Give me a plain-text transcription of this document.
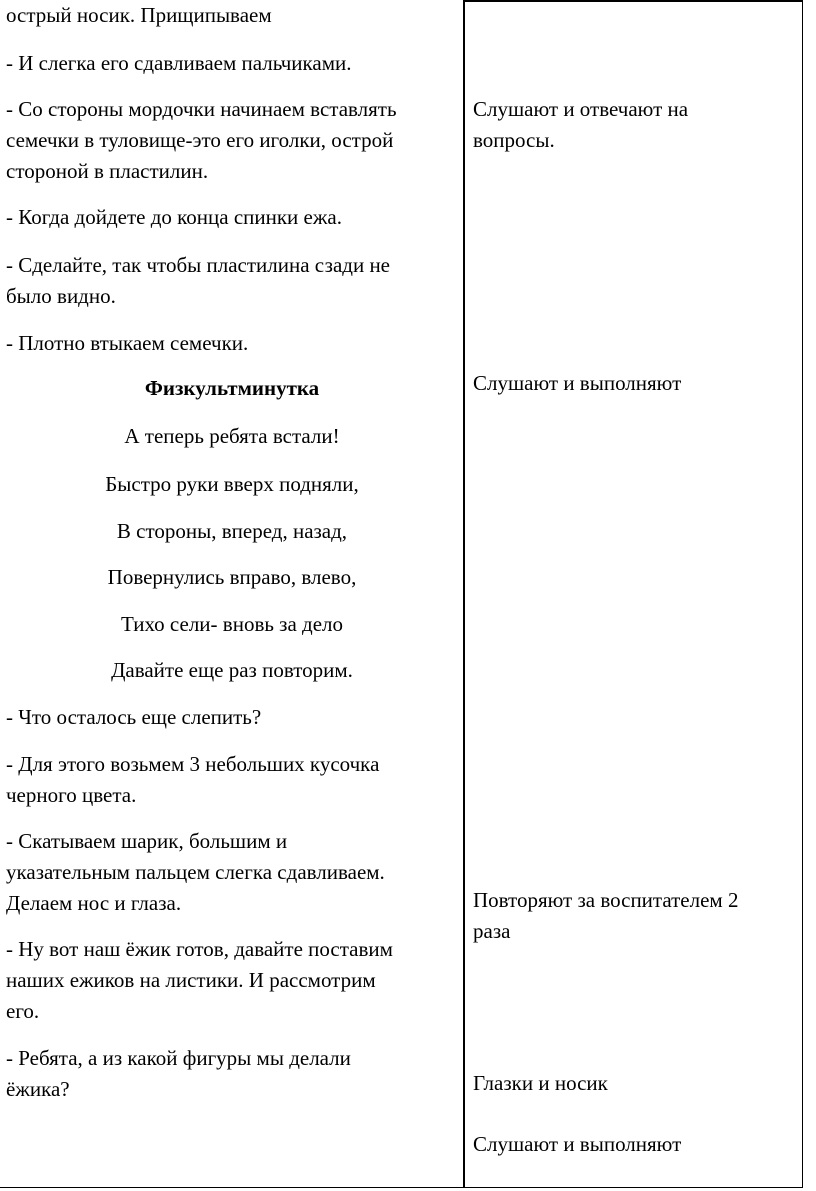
острый носик. Прищипываем

- И слегка его сдавливаем пальчиками.

- Со стороны мордочки начинаем вставлять

семечки в туловище-это его иголки, острой

стороной в пластилин.

- Когда дойдете до конца спинки ежа.

- Сделайте, так чтобы пластилина сзади не

было видно.

- Плотно втыкаем семечки.

Физкультминутка

А теперь ребята встали!

Быстро руки вверх подняли,

В стороны, вперед, назад,

Повернулись вправо, влево,

Тихо сели- вновь за дело

Давайте еще раз повторим.

- Что осталось еще слепить?

- Для этого возьмем 3 небольших кусочка

черного цвета.

- Скатываем шарик, большим и

указательным пальцем слегка сдавливаем.

Делаем нос и глаза.

- Ну вот наш ёжик готов, давайте поставим

наших ежиков на листики. И рассмотрим

его.

- Ребята, а из какой фигуры мы делали

ёжика?

Слушают и отвечают на

вопросы.

Слушают и выполняют

Повторяют за воспитателем 2

раза

Глазки и носик

Слушают и выполняют
